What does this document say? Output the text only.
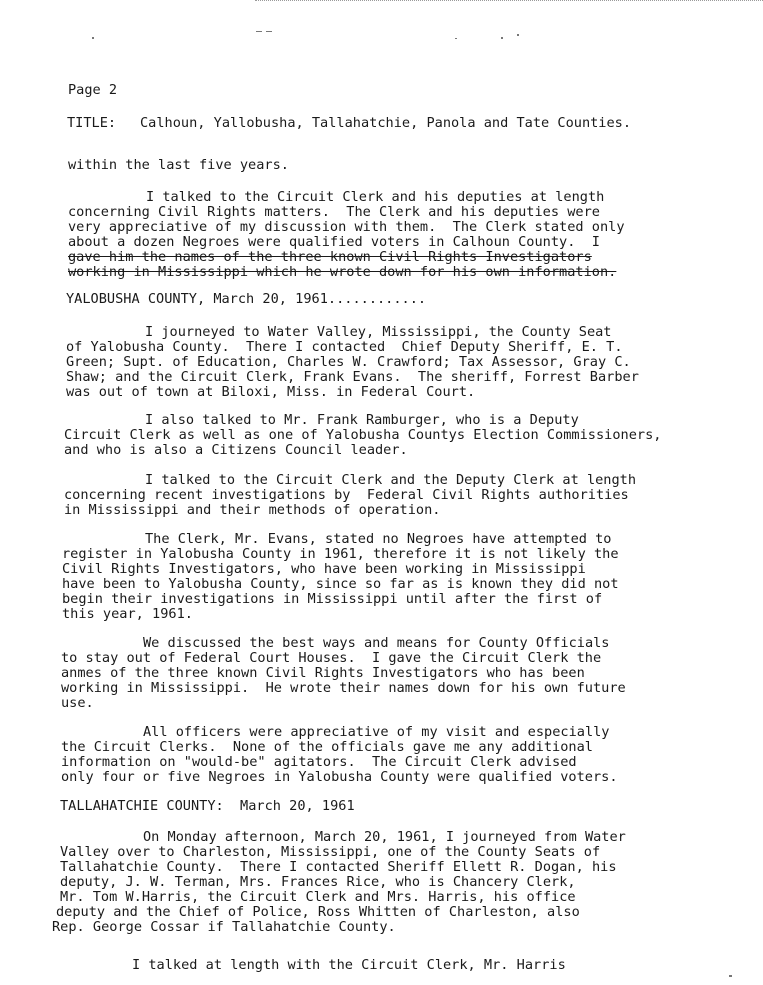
Page 2
TITLE: Calhoun, Yallobusha, Tallahatchie, Panola and Tate Counties.
within the last five years.
I talked to the Circuit Clerk and his deputies at length
concerning Civil Rights matters.  The Clerk and his deputies were
very appreciative of my discussion with them.  The Clerk stated only
about a dozen Negroes were qualified voters in Calhoun County.  I
gave him the names of the three known Civil Rights Investigators
working in Mississippi which he wrote down for his own information.
YALOBUSHA COUNTY, March 20, 1961............
I journeyed to Water Valley, Mississippi, the County Seat
of Yalobusha County.  There I contacted  Chief Deputy Sheriff, E. T.
Green; Supt. of Education, Charles W. Crawford; Tax Assessor, Gray C.
Shaw; and the Circuit Clerk, Frank Evans.  The sheriff, Forrest Barber
was out of town at Biloxi, Miss. in Federal Court.
I also talked to Mr. Frank Ramburger, who is a Deputy
Circuit Clerk as well as one of Yalobusha Countys Election Commissioners,
and who is also a Citizens Council leader.
I talked to the Circuit Clerk and the Deputy Clerk at length
concerning recent investigations by  Federal Civil Rights authorities
in Mississippi and their methods of operation.
The Clerk, Mr. Evans, stated no Negroes have attempted to
register in Yalobusha County in 1961, therefore it is not likely the
Civil Rights Investigators, who have been working in Mississippi
have been to Yalobusha County, since so far as is known they did not
begin their investigations in Mississippi until after the first of
this year, 1961.
We discussed the best ways and means for County Officials
to stay out of Federal Court Houses.  I gave the Circuit Clerk the
anmes of the three known Civil Rights Investigators who has been
working in Mississippi.  He wrote their names down for his own future
use.
All officers were appreciative of my visit and especially
the Circuit Clerks.  None of the officials gave me any additional
information on "would-be" agitators.  The Circuit Clerk advised
only four or five Negroes in Yalobusha County were qualified voters.
TALLAHATCHIE COUNTY:  March 20, 1961
On Monday afternoon, March 20, 1961, I journeyed from Water
Valley over to Charleston, Mississippi, one of the County Seats of
Tallahatchie County.  There I contacted Sheriff Ellett R. Dogan, his
deputy, J. W. Terman, Mrs. Frances Rice, who is Chancery Clerk,
Mr. Tom W.Harris, the Circuit Clerk and Mrs. Harris, his office
deputy and the Chief of Police, Ross Whitten of Charleston, also
Rep. George Cossar if Tallahatchie County.
I talked at length with the Circuit Clerk, Mr. Harris
